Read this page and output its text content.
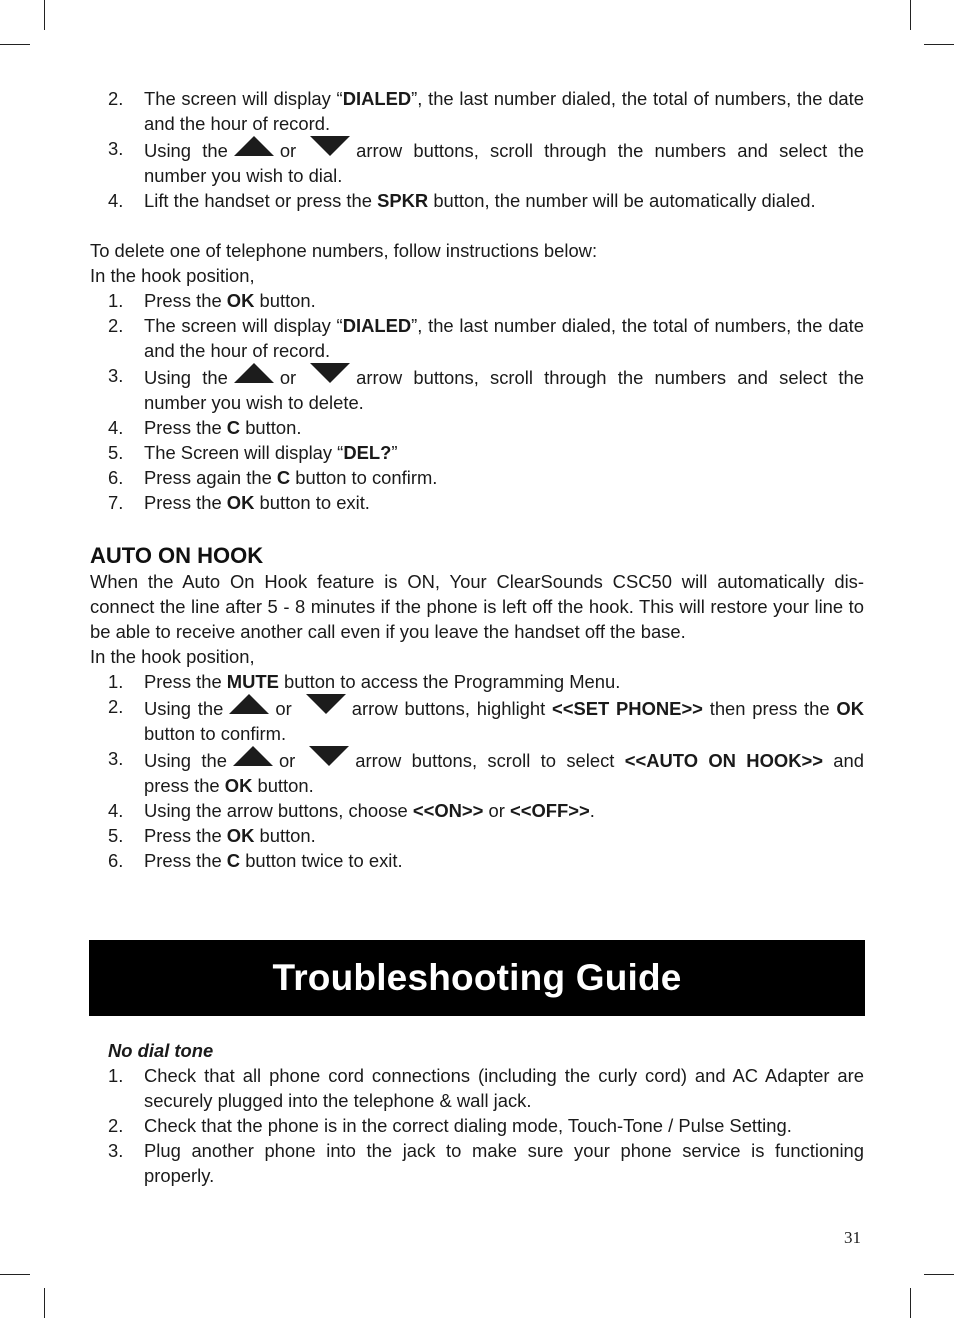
2.	The screen will display “DIALED”, the last number dialed, the total of numbers, the date and the hour of record.
3.	Using the	or	arrow buttons, scroll through the numbers and select the number you wish to dial.
4.	Lift the handset or press the SPKR button, the number will be automatically dialed.

To delete one of telephone numbers, follow instructions below:

In the hook position,

1.	Press the OK button.
2.	The screen will display “DIALED”, the last number dialed, the total of numbers, the date and the hour of record.
3.	Using the	or	arrow buttons, scroll through the numbers and select the number you wish to delete.
4.	Press the C button.
5.	The Screen will display “DEL?”
6.	Press again the C button to confirm.
7.	Press the OK button to exit.
AUTO ON HOOK

When the Auto On Hook feature is ON, Your ClearSounds CSC50 will automatically dis-connect the line after 5 - 8 minutes if the phone is left off the hook. This will restore your line to be able to receive another call even if you leave the handset off the base.

In the hook position,

1.	Press the MUTE button to access the Programming Menu.
2.	Using the	or	arrow buttons, highlight <<SET PHONE>> then press the OK button to confirm.
3.	Using the	or	arrow buttons, scroll to select <<AUTO ON HOOK>> and press the OK button.
4.	Using the arrow buttons, choose <<ON>> or <<OFF>>.
5.	Press the OK button.
6.	Press the C button twice to exit.
Troubleshooting Guide
No dial tone
1.	Check that all phone cord connections (including the curly cord) and AC Adapter are securely plugged into the telephone & wall jack.
2.	Check that the phone is in the correct dialing mode, Touch-Tone / Pulse Setting.
3.	Plug another phone into the jack to make sure your phone service is functioning properly.
31
